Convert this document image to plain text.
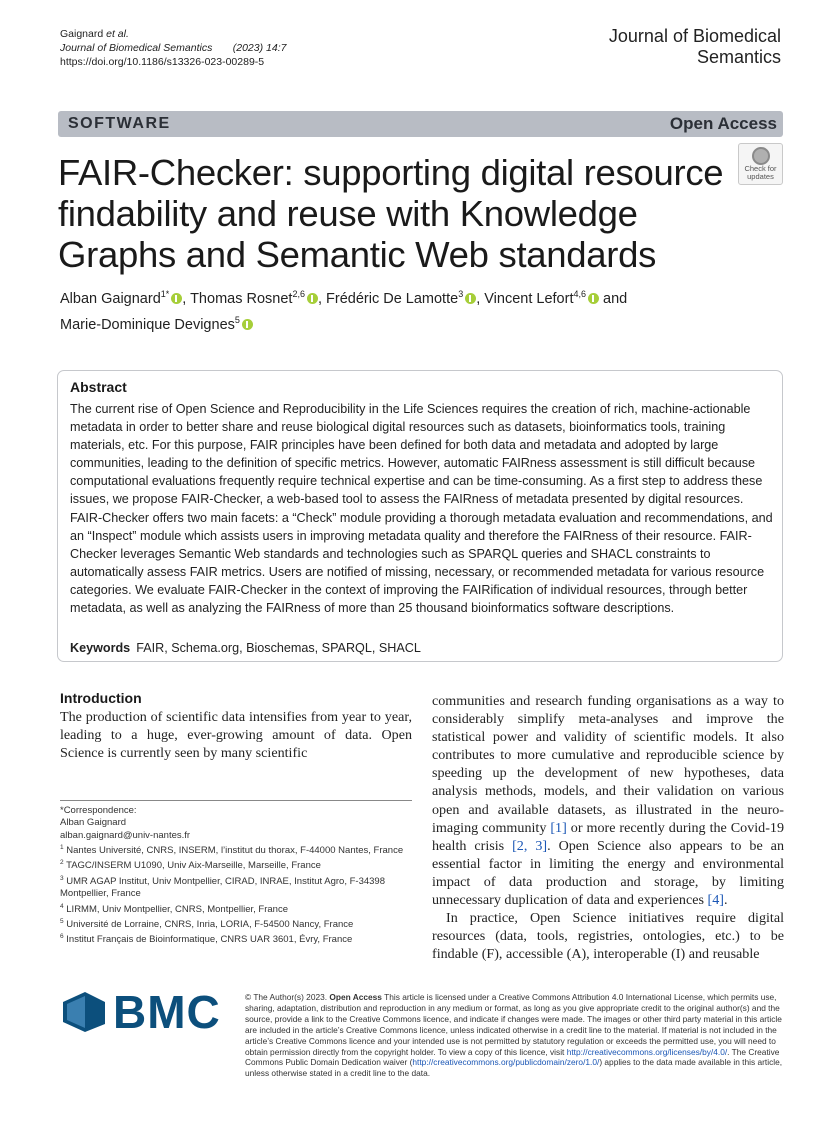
Gaignard et al.
Journal of Biomedical Semantics (2023) 14:7
https://doi.org/10.1186/s13326-023-00289-5
Journal of Biomedical Semantics
SOFTWARE	Open Access
FAIR-Checker: supporting digital resource findability and reuse with Knowledge Graphs and Semantic Web standards
Check for updates
Alban Gaignard$^{1*}$ , Thomas Rosnet$^{2,6}$ , Frédéric De Lamotte$^3$ , Vincent Lefort$^{4,6}$ and
Marie-Dominique Devignes$^5$
Abstract
The current rise of Open Science and Reproducibility in the Life Sciences requires the creation of rich, machine-actionable metadata in order to better share and reuse biological digital resources such as datasets, bioinformatics tools, training materials, etc. For this purpose, FAIR principles have been defined for both data and metadata and adopted by large communities, leading to the definition of specific metrics. However, automatic FAIRness assessment is still difficult because computational evaluations frequently require technical expertise and can be time-consuming. As a first step to address these issues, we propose FAIR-Checker, a web-based tool to assess the FAIRness of metadata presented by digital resources. FAIR-Checker offers two main facets: a “Check” module providing a thorough metadata evaluation and recommendations, and an “Inspect” module which assists users in improving metadata quality and therefore the FAIRness of their resource. FAIR-Checker leverages Semantic Web standards and technologies such as SPARQL queries and SHACL constraints to automatically assess FAIR metrics. Users are notified of missing, necessary, or recommended metadata for various resource categories. We evaluate FAIR-Checker in the context of improving the FAIRification of individual resources, through better metadata, as well as analyzing the FAIRness of more than 25 thousand bioinformatics software descriptions.
Keywords FAIR, Schema.org, Bioschemas, SPARQL, SHACL
Introduction

The production of scientific data intensifies from year to year, leading to a huge, ever-growing amount of data. Open Science is currently seen by many scientific

*Correspondence:
Alban Gaignard
alban.gaignard@univ-nantes.fr
$^1$ Nantes Université, CNRS, INSERM, l’institut du thorax, F-44000 Nantes, France
$^2$ TAGC/INSERM U1090, Univ Aix-Marseille, Marseille, France
$^3$ UMR AGAP Institut, Univ Montpellier, CIRAD, INRAE, Institut Agro, F-34398 Montpellier, France
$^4$ LIRMM, Univ Montpellier, CNRS, Montpellier, France
$^5$ Université de Lorraine, CNRS, Inria, LORIA, F-54500 Nancy, France
$^6$ Institut Français de Bioinformatique, CNRS UAR 3601, Évry, France

communities and research funding organisations as a way to considerably simplify meta-analyses and improve the statistical power and validity of scientific models. It also contributes to more cumulative and reproducible science by speeding up the development of new hypotheses, data analysis methods, models, and their validation on various open and available datasets, as illustrated in the neuro-imaging community [1] or more recently during the Covid-19 health crisis [2, 3]. Open Science also appears to be an essential factor in limiting the energy and environmental impact of data production and storage, by limiting unnecessary duplication of data and experiences [4].

In practice, Open Science initiatives require digital resources (data, tools, registries, ontologies, etc.) to be findable (F), accessible (A), interoperable (I) and reusable

BMC	© The Author(s) 2023. Open Access This article is licensed under a Creative Commons Attribution 4.0 International License, which permits use, sharing, adaptation, distribution and reproduction in any medium or format, as long as you give appropriate credit to the original author(s) and the source, provide a link to the Creative Commons licence, and indicate if changes were made. The images or other third party material in this article are included in the article’s Creative Commons licence, unless indicated otherwise in a credit line to the material. If material is not included in the article’s Creative Commons licence and your intended use is not permitted by statutory regulation or exceeds the permitted use, you will need to obtain permission directly from the copyright holder. To view a copy of this licence, visit http://creativecommons.org/licenses/by/4.0/. The Creative Commons Public Domain Dedication waiver (http://creativecommons.org/publicdomain/zero/1.0/) applies to the data made available in this article, unless otherwise stated in a credit line to the data.
